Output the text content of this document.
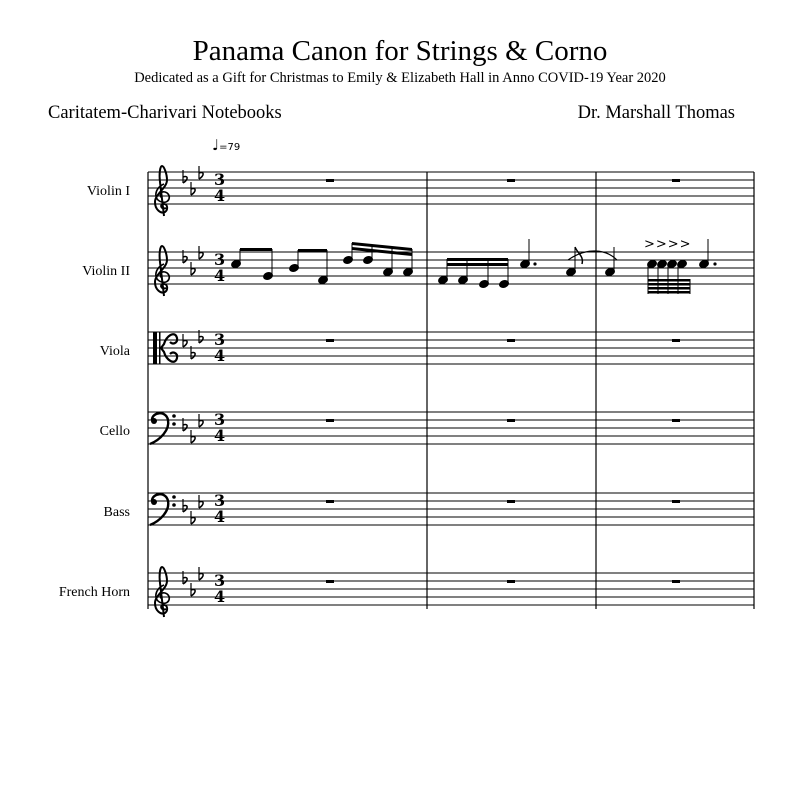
Panama Canon for Strings & Corno
Dedicated as a Gift for Christmas to Emily & Elizabeth Hall in Anno COVID-19 Year 2020
Caritatem-Charivari Notebooks	Dr. Marshall Thomas
♩=79
Violin I
Violin II
Viola
Cello
Bass
French Horn
3
4
>>>>
